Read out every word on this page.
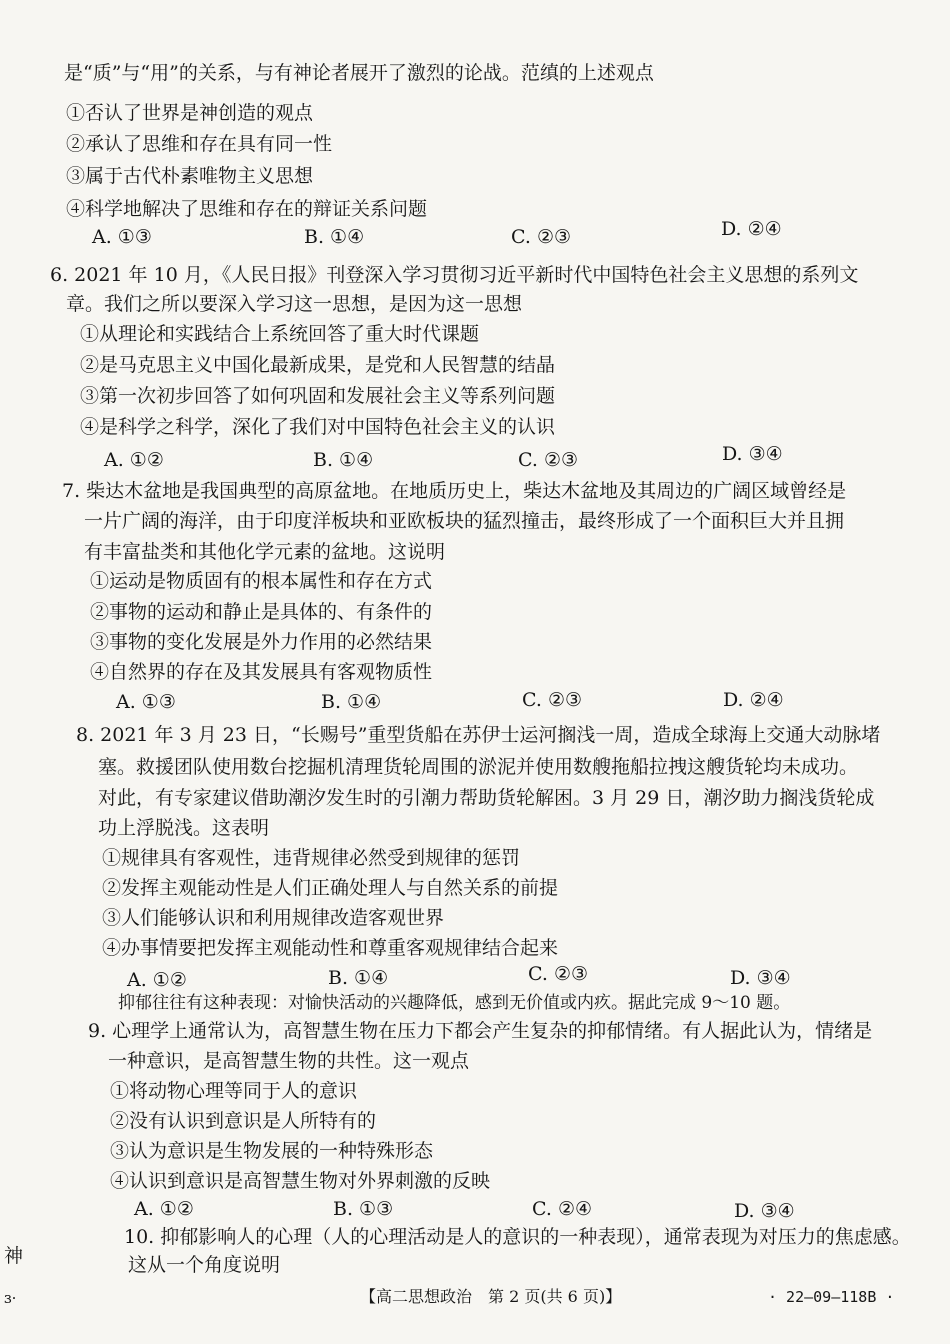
是“质”与“用”的关系，与有神论者展开了激烈的论战。范缜的上述观点
①否认了世界是神创造的观点
②承认了思维和存在具有同一性
③属于古代朴素唯物主义思想
④科学地解决了思维和存在的辩证关系问题
A. ①③	B. ①④	C. ②③	D. ②④
6. 2021 年 10 月，《人民日报》刊登深入学习贯彻习近平新时代中国特色社会主义思想的系列文
章。我们之所以要深入学习这一思想，是因为这一思想
①从理论和实践结合上系统回答了重大时代课题
②是马克思主义中国化最新成果，是党和人民智慧的结晶
③第一次初步回答了如何巩固和发展社会主义等系列问题
④是科学之科学，深化了我们对中国特色社会主义的认识
A. ①②	B. ①④	C. ②③	D. ③④
7. 柴达木盆地是我国典型的高原盆地。在地质历史上，柴达木盆地及其周边的广阔区域曾经是
一片广阔的海洋，由于印度洋板块和亚欧板块的猛烈撞击，最终形成了一个面积巨大并且拥
有丰富盐类和其他化学元素的盆地。这说明
①运动是物质固有的根本属性和存在方式
②事物的运动和静止是具体的、有条件的
③事物的变化发展是外力作用的必然结果
④自然界的存在及其发展具有客观物质性
A. ①③	B. ①④	C. ②③	D. ②④
8. 2021 年 3 月 23 日，“长赐号”重型货船在苏伊士运河搁浅一周，造成全球海上交通大动脉堵
塞。救援团队使用数台挖掘机清理货轮周围的淤泥并使用数艘拖船拉拽这艘货轮均未成功。
对此，有专家建议借助潮汐发生时的引潮力帮助货轮解困。3 月 29 日，潮汐助力搁浅货轮成
功上浮脱浅。这表明
①规律具有客观性，违背规律必然受到规律的惩罚
②发挥主观能动性是人们正确处理人与自然关系的前提
③人们能够认识和利用规律改造客观世界
④办事情要把发挥主观能动性和尊重客观规律结合起来
A. ①②	B. ①④	C. ②③	D. ③④
抑郁往往有这种表现：对愉快活动的兴趣降低，感到无价值或内疚。据此完成 9～10 题。
9. 心理学上通常认为，高智慧生物在压力下都会产生复杂的抑郁情绪。有人据此认为，情绪是
一种意识，是高智慧生物的共性。这一观点
①将动物心理等同于人的意识
②没有认识到意识是人所特有的
③认为意识是生物发展的一种特殊形态
④认识到意识是高智慧生物对外界刺激的反映
A. ①②	B. ①③	C. ②④	D. ③④
10. 抑郁影响人的心理（人的心理活动是人的意识的一种表现），通常表现为对压力的焦虑感。
这从一个角度说明
神
ɜ·	【高二思想政治　第 2 页(共 6 页)】	· 22—09—118B ·
